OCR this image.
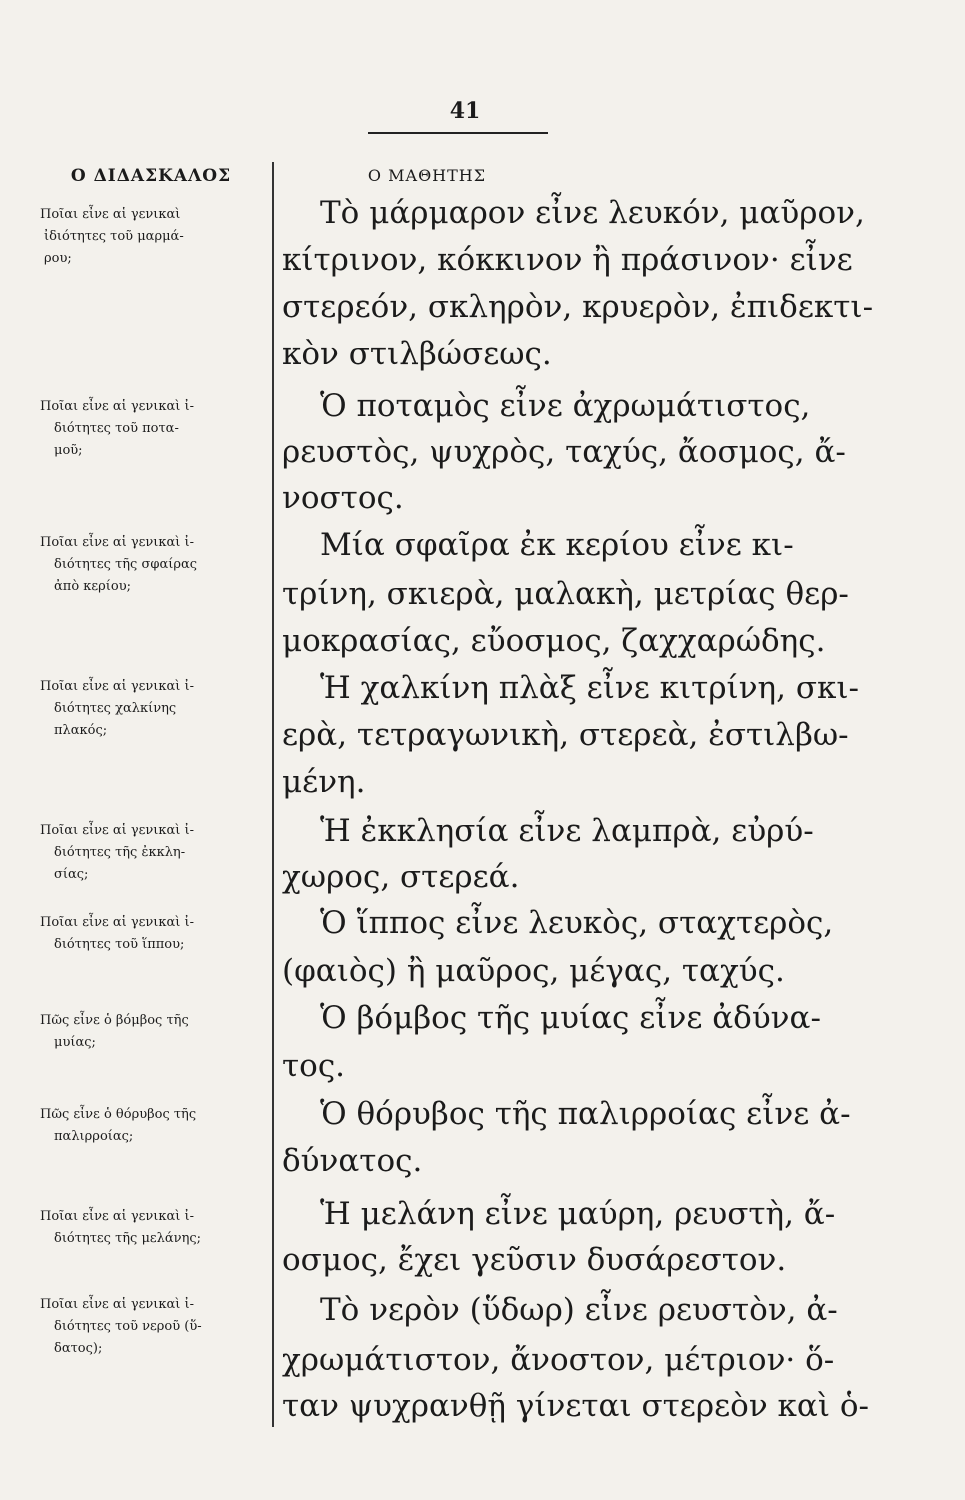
41
Ο ΔΙΔΑΣΚΑΛΟΣ	Ο ΜΑΘΗΤΗΣ
Ποῖαι εἶνε αἱ γενικαὶ
ἰδιότητες τοῦ μαρμά-
ρου;
Ποῖαι εἶνε αἱ γενικαὶ ἰ-
διότητες τοῦ ποτα-
μοῦ;
Ποῖαι εἶνε αἱ γενικαὶ ἰ-
διότητες τῆς σφαίρας
ἀπὸ κερίου;
Ποῖαι εἶνε αἱ γενικαὶ ἰ-
διότητες χαλκίνης
πλακός;
Ποῖαι εἶνε αἱ γενικαὶ ἰ-
διότητες τῆς ἐκκλη-
σίας;
Ποῖαι εἶνε αἱ γενικαὶ ἰ-
διότητες τοῦ ἵππου;
Πῶς εἶνε ὁ βόμβος τῆς
μυίας;
Πῶς εἶνε ὁ θόρυβος τῆς
παλιρροίας;
Ποῖαι εἶνε αἱ γενικαὶ ἰ-
διότητες τῆς μελάνης;
Ποῖαι εἶνε αἱ γενικαὶ ἰ-
διότητες τοῦ νεροῦ (ὕ-
δατος);
Τὸ μάρμαρον εἶνε λευκόν, μαῦρον,
κίτρινον, κόκκινον ἢ πράσινον· εἶνε
στερεόν, σκληρὸν, κρυερὸν, ἐπιδεκτι-
κὸν στιλβώσεως.
Ὁ ποταμὸς εἶνε ἀχρωμάτιστος,
ρευστὸς, ψυχρὸς, ταχύς, ἄοσμος, ἄ-
νοστος.
Μία σφαῖρα ἐκ κερίου εἶνε κι-
τρίνη, σκιερὰ, μαλακὴ, μετρίας θερ-
μοκρασίας, εὔοσμος, ζαχχαρώδης.
Ἡ χαλκίνη πλὰξ εἶνε κιτρίνη, σκι-
ερὰ, τετραγωνικὴ, στερεὰ, ἐστιλβω-
μένη.
Ἡ ἐκκλησία εἶνε λαμπρὰ, εὐρύ-
χωρος, στερεά.
Ὁ ἵππος εἶνε λευκὸς, σταχτερὸς,
(φαιὸς) ἢ μαῦρος, μέγας, ταχύς.
Ὁ βόμβος τῆς μυίας εἶνε ἀδύνα-
τος.
Ὁ θόρυβος τῆς παλιρροίας εἶνε ἀ-
δύνατος.
Ἡ μελάνη εἶνε μαύρη, ρευστὴ, ἄ-
οσμος, ἔχει γεῦσιν δυσάρεστον.
Τὸ νερὸν (ὕδωρ) εἶνε ρευστὸν, ἀ-
χρωμάτιστον, ἄνοστον, μέτριον· ὅ-
ταν ψυχρανθῇ γίνεται στερεὸν καὶ ὁ-
